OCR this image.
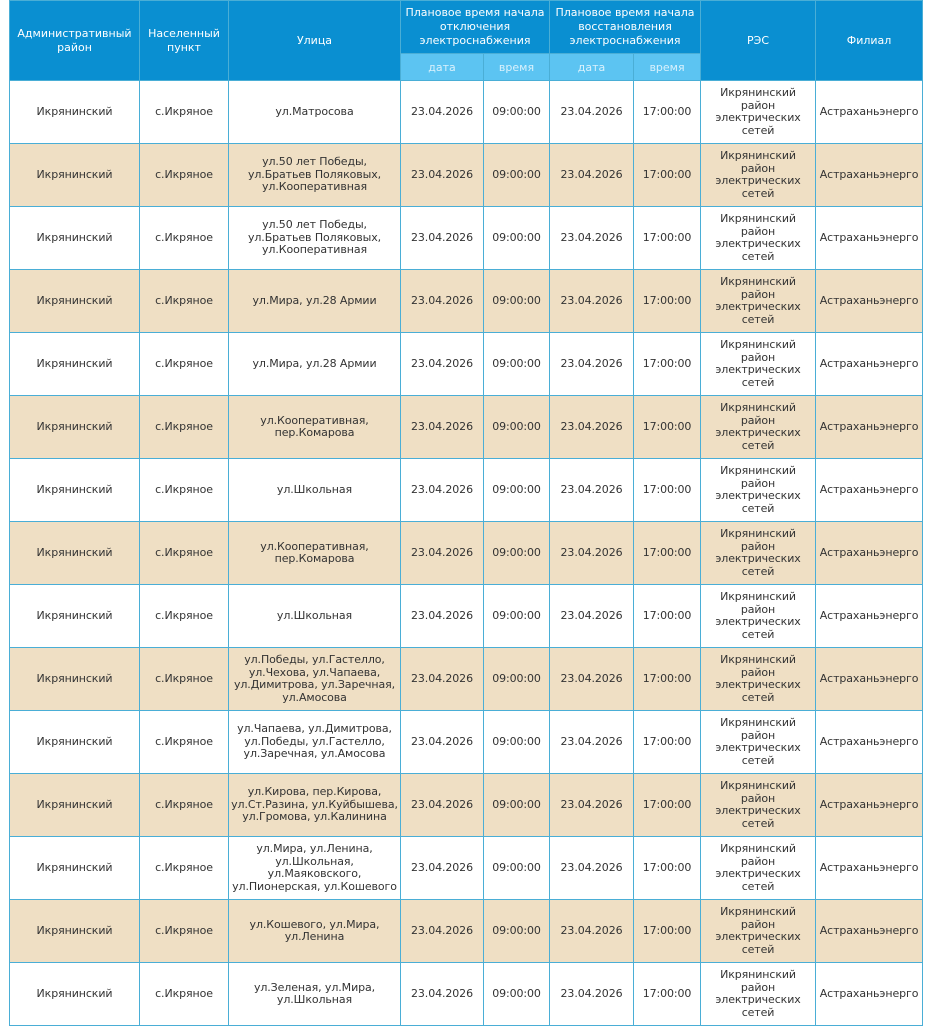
Административный район	Населенный пункт	Улица	Плановое время начала отключения электроснабжения		Плановое время начала восстановления электроснабжения		РЭС	Филиал
			дата	время	дата	время		
Икрянинский	с.Икряное	ул.Матросова	23.04.2026	09:00:00	23.04.2026	17:00:00	Икрянинский район электрических сетей	Астраханьэнерго
Икрянинский	с.Икряное	ул.50 лет Победы, ул.Братьев Поляковых, ул.Кооперативная	23.04.2026	09:00:00	23.04.2026	17:00:00	Икрянинский район электрических сетей	Астраханьэнерго
Икрянинский	с.Икряное	ул.50 лет Победы, ул.Братьев Поляковых, ул.Кооперативная	23.04.2026	09:00:00	23.04.2026	17:00:00	Икрянинский район электрических сетей	Астраханьэнерго
Икрянинский	с.Икряное	ул.Мира, ул.28 Армии	23.04.2026	09:00:00	23.04.2026	17:00:00	Икрянинский район электрических сетей	Астраханьэнерго
Икрянинский	с.Икряное	ул.Мира, ул.28 Армии	23.04.2026	09:00:00	23.04.2026	17:00:00	Икрянинский район электрических сетей	Астраханьэнерго
Икрянинский	с.Икряное	ул.Кооперативная, пер.Комарова	23.04.2026	09:00:00	23.04.2026	17:00:00	Икрянинский район электрических сетей	Астраханьэнерго
Икрянинский	с.Икряное	ул.Школьная	23.04.2026	09:00:00	23.04.2026	17:00:00	Икрянинский район электрических сетей	Астраханьэнерго
Икрянинский	с.Икряное	ул.Кооперативная, пер.Комарова	23.04.2026	09:00:00	23.04.2026	17:00:00	Икрянинский район электрических сетей	Астраханьэнерго
Икрянинский	с.Икряное	ул.Школьная	23.04.2026	09:00:00	23.04.2026	17:00:00	Икрянинский район электрических сетей	Астраханьэнерго
Икрянинский	с.Икряное	ул.Победы, ул.Гастелло, ул.Чехова, ул.Чапаева, ул.Димитрова, ул.Заречная, ул.Амосова	23.04.2026	09:00:00	23.04.2026	17:00:00	Икрянинский район электрических сетей	Астраханьэнерго
Икрянинский	с.Икряное	ул.Чапаева, ул.Димитрова, ул.Победы, ул.Гастелло, ул.Заречная, ул.Амосова	23.04.2026	09:00:00	23.04.2026	17:00:00	Икрянинский район электрических сетей	Астраханьэнерго
Икрянинский	с.Икряное	ул.Кирова, пер.Кирова, ул.Ст.Разина, ул.Куйбышева, ул.Громова, ул.Калинина	23.04.2026	09:00:00	23.04.2026	17:00:00	Икрянинский район электрических сетей	Астраханьэнерго
Икрянинский	с.Икряное	ул.Мира, ул.Ленина, ул.Школьная, ул.Маяковского, ул.Пионерская, ул.Кошевого	23.04.2026	09:00:00	23.04.2026	17:00:00	Икрянинский район электрических сетей	Астраханьэнерго
Икрянинский	с.Икряное	ул.Кошевого, ул.Мира, ул.Ленина	23.04.2026	09:00:00	23.04.2026	17:00:00	Икрянинский район электрических сетей	Астраханьэнерго
Икрянинский	с.Икряное	ул.Зеленая, ул.Мира, ул.Школьная	23.04.2026	09:00:00	23.04.2026	17:00:00	Икрянинский район электрических сетей	Астраханьэнерго
